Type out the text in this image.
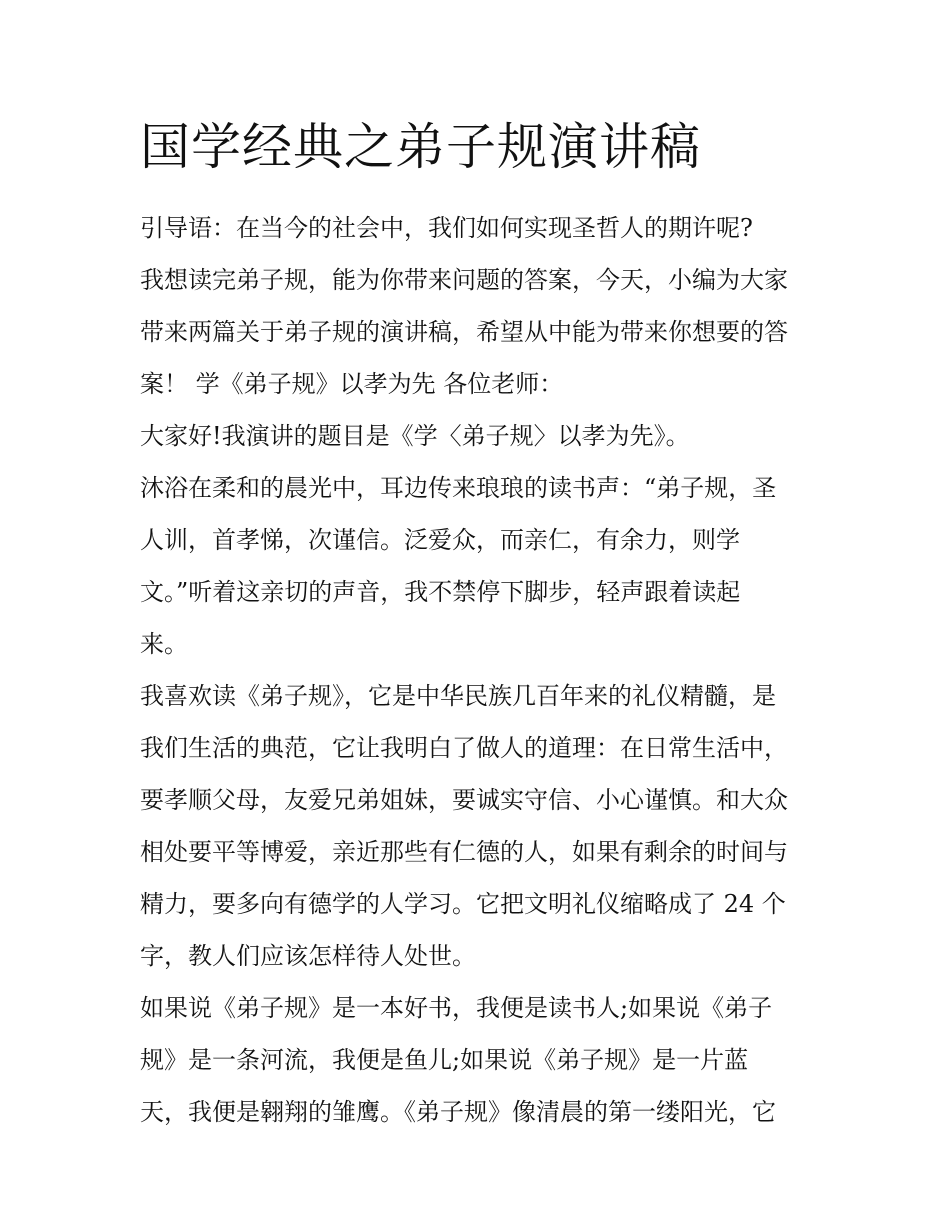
国学经典之弟子规演讲稿
引导语：在当今的社会中，我们如何实现圣哲人的期许呢?
我想读完弟子规，能为你带来问题的答案，今天，小编为大家
带来两篇关于弟子规的演讲稿，希望从中能为带来你想要的答
案！ 学《弟子规》以孝为先 各位老师：
大家好!我演讲的题目是《学〈弟子规〉以孝为先》。
沐浴在柔和的晨光中，耳边传来琅琅的读书声：“弟子规，圣
人训，首孝悌，次谨信。泛爱众，而亲仁，有余力，则学
文。”听着这亲切的声音，我不禁停下脚步，轻声跟着读起
来。
我喜欢读《弟子规》，它是中华民族几百年来的礼仪精髓，是
我们生活的典范，它让我明白了做人的道理：在日常生活中，
要孝顺父母，友爱兄弟姐妹，要诚实守信、小心谨慎。和大众
相处要平等博爱，亲近那些有仁德的人，如果有剩余的时间与
精力，要多向有德学的人学习。它把文明礼仪缩略成了 24 个
字，教人们应该怎样待人处世。
如果说《弟子规》是一本好书，我便是读书人;如果说《弟子
规》是一条河流，我便是鱼儿;如果说《弟子规》是一片蓝
天，我便是翱翔的雏鹰。《弟子规》像清晨的第一缕阳光，它
